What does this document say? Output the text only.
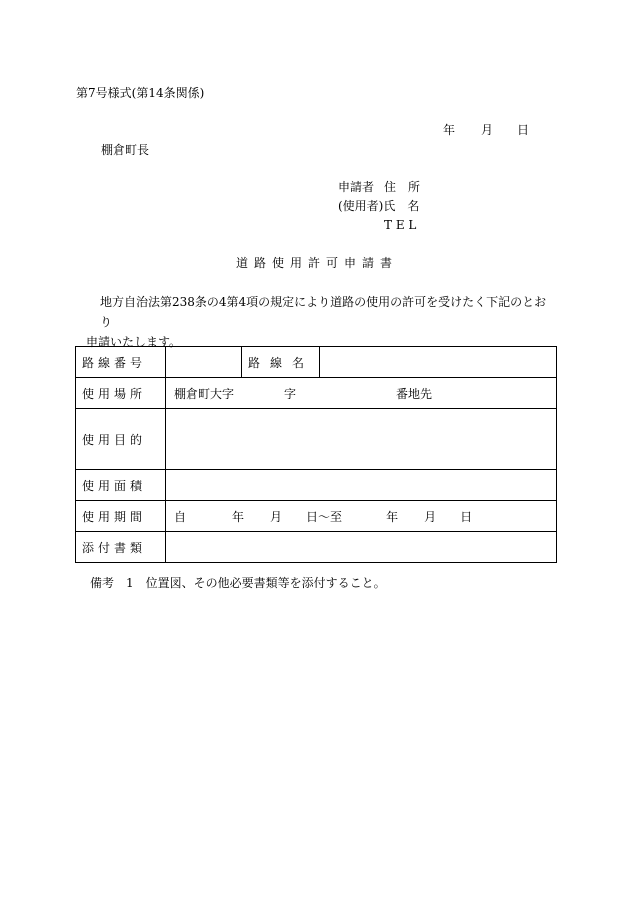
第7号様式(第14条関係)
年 月 日
棚倉町長
申請者 住　所
(使用者)氏　名
T E L
道路使用許可申請書
地方自治法第238条の4第4項の規定により道路の使用の許可を受けたく下記のとおり
申請いたします。
路線番号		路線名	
使用場所	棚倉町大字 字 番地先		
使用目的			
使用面積			
使用期間	自 年 月 日〜至 年 月 日		
添付書類			
備考　1　位置図、その他必要書類等を添付すること。
